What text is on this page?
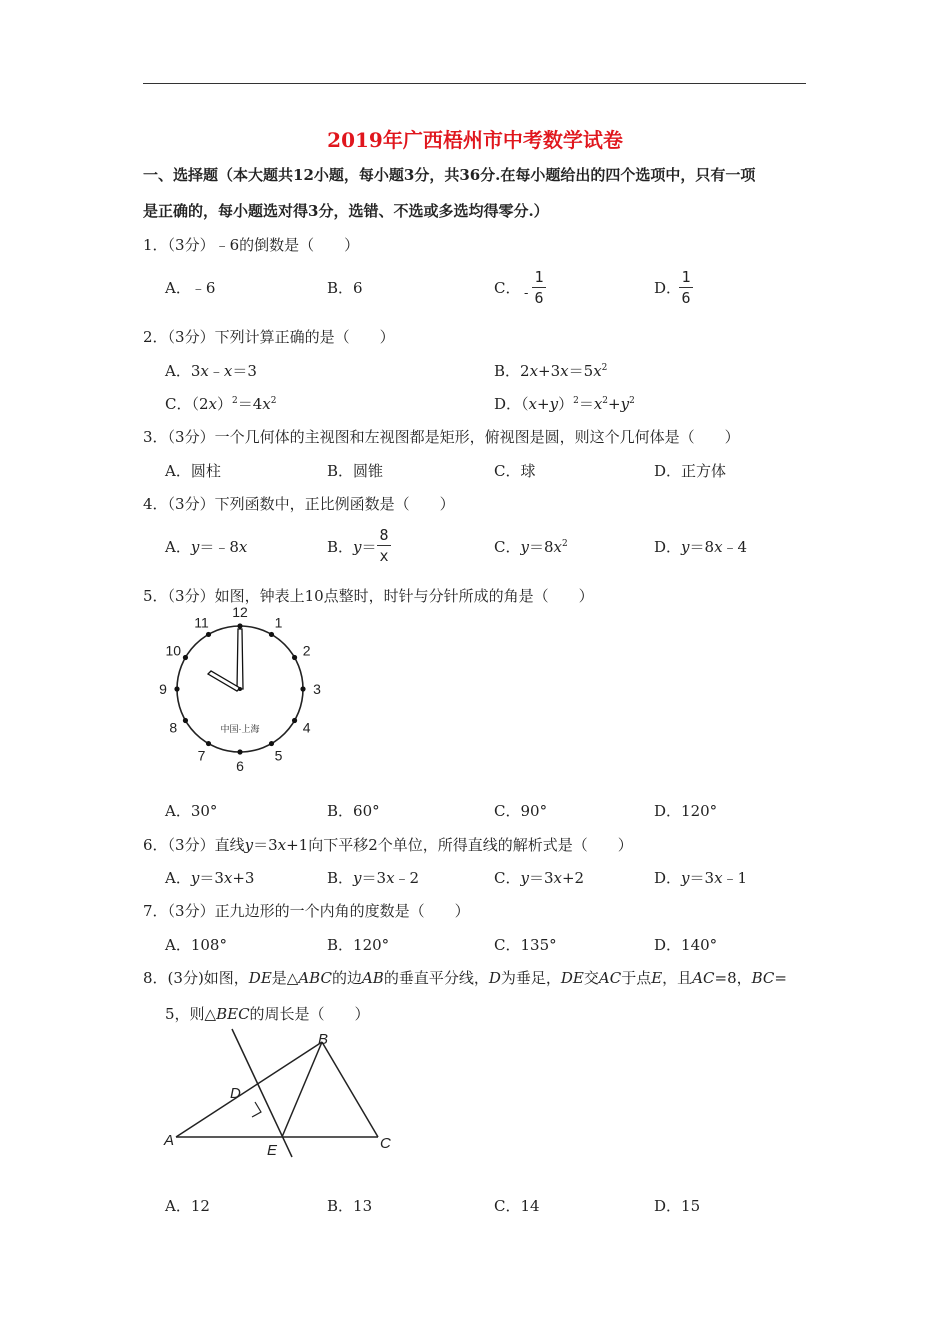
2019年广西梧州市中考数学试卷
一、选择题（本大题共12小题，每小题3分，共36分.在每小题给出的四个选项中，只有一项
是正确的，每小题选对得3分，选错、不选或多选均得零分.）
1．（3分）﹣6的倒数是（　　）
A．﹣6	B．6	C． -
1
6
D．
1
6
2．（3分）下列计算正确的是（　　）
A．3x﹣x＝3	B．$2x+3x=5x^2$
C．$(2x)^2=4x^2$	D．$(x+y)^2=x^2+y^2$
3．（3分）一个几何体的主视图和左视图都是矩形，俯视图是圆，则这个几何体是（　　）
A．圆柱	B．圆锥	C．球	D．正方体
4．（3分）下列函数中，正比例函数是（　　）
A．y＝﹣8x	B．y＝
8
x	C．$y=8x^2$	D．y＝8x﹣4
5．（3分）如图，钟表上10点整时，时针与分针所成的角是（　　）
12
1
2
3
4
5
6
7
8
9
10
11
中国·上海
A．30°	B．60°	C．90°	D．120°
6．（3分）直线y＝3x+1向下平移2个单位，所得直线的解析式是（　　）
A．y＝3x+3	B．y＝3x﹣2	C．y＝3x+2	D．y＝3x﹣1
7．（3分）正九边形的一个内角的度数是（　　）
A．108°	B．120°	C．135°	D．140°
8．(3分)如图，DE是△ABC的边AB的垂直平分线，D为垂足，DE交AC于点E，且AC=8，BC=
5，则△BEC的周长是（　　）
A
B
C
D
E
A．12	B．13	C．14	D．15
